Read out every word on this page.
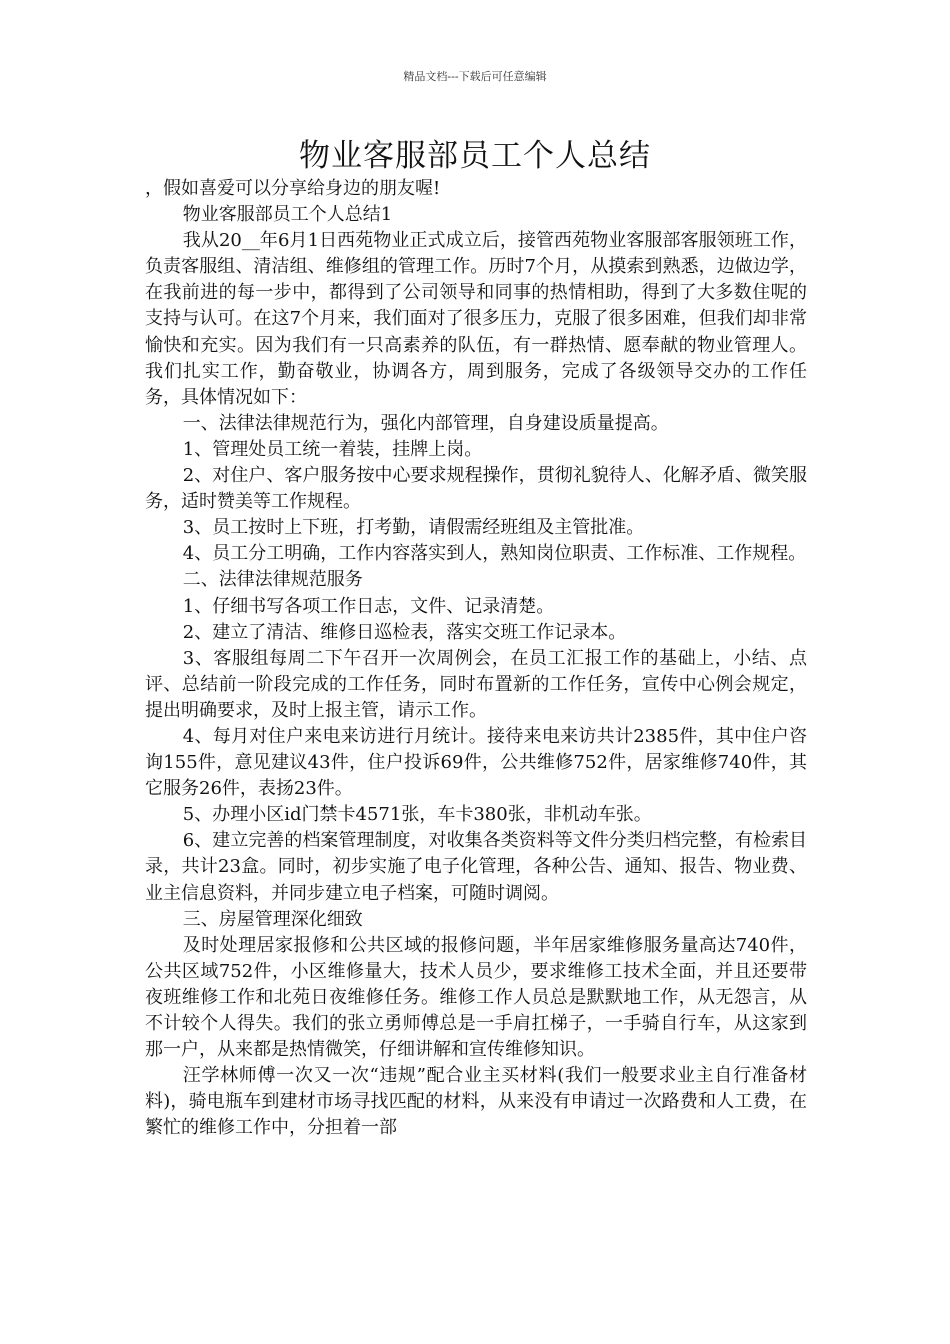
精品文档---下载后可任意编辑
物业客服部员工个人总结

，假如喜爱可以分享给身边的朋友喔!

物业客服部员工个人总结1

我从20__年6月1日西苑物业正式成立后，接管西苑物业客服部客服领班工作，负责客服组、清洁组、维修组的管理工作。历时7个月，从摸索到熟悉，边做边学，在我前进的每一步中，都得到了公司领导和同事的热情相助，得到了大多数住呢的支持与认可。在这7个月来，我们面对了很多压力，克服了很多困难，但我们却非常愉快和充实。因为我们有一只高素养的队伍，有一群热情、愿奉献的物业管理人。我们扎实工作，勤奋敬业，协调各方，周到服务，完成了各级领导交办的工作任务，具体情况如下：

一、法律法律规范行为，强化内部管理，自身建设质量提高。

1、管理处员工统一着装，挂牌上岗。

2、对住户、客户服务按中心要求规程操作，贯彻礼貌待人、化解矛盾、微笑服务，适时赞美等工作规程。

3、员工按时上下班，打考勤，请假需经班组及主管批准。

4、员工分工明确，工作内容落实到人，熟知岗位职责、工作标准、工作规程。

二、法律法律规范服务

1、仔细书写各项工作日志，文件、记录清楚。

2、建立了清洁、维修日巡检表，落实交班工作记录本。

3、客服组每周二下午召开一次周例会，在员工汇报工作的基础上，小结、点评、总结前一阶段完成的工作任务，同时布置新的工作任务，宣传中心例会规定，提出明确要求，及时上报主管，请示工作。

4、每月对住户来电来访进行月统计。接待来电来访共计2385件，其中住户咨询155件，意见建议43件，住户投诉69件，公共维修752件，居家维修740件，其它服务26件，表扬23件。

5、办理小区id门禁卡4571张，车卡380张，非机动车张。

6、建立完善的档案管理制度，对收集各类资料等文件分类归档完整，有检索目录，共计23盒。同时，初步实施了电子化管理，各种公告、通知、报告、物业费、业主信息资料，并同步建立电子档案，可随时调阅。

三、房屋管理深化细致

及时处理居家报修和公共区域的报修问题，半年居家维修服务量高达740件，公共区域752件，小区维修量大，技术人员少，要求维修工技术全面，并且还要带夜班维修工作和北苑日夜维修任务。维修工作人员总是默默地工作，从无怨言，从不计较个人得失。我们的张立勇师傅总是一手肩扛梯子，一手骑自行车，从这家到那一户，从来都是热情微笑，仔细讲解和宣传维修知识。

汪学林师傅一次又一次“违规”配合业主买材料(我们一般要求业主自行准备材料)，骑电瓶车到建材市场寻找匹配的材料，从来没有申请过一次路费和人工费，在繁忙的维修工作中，分担着一部
